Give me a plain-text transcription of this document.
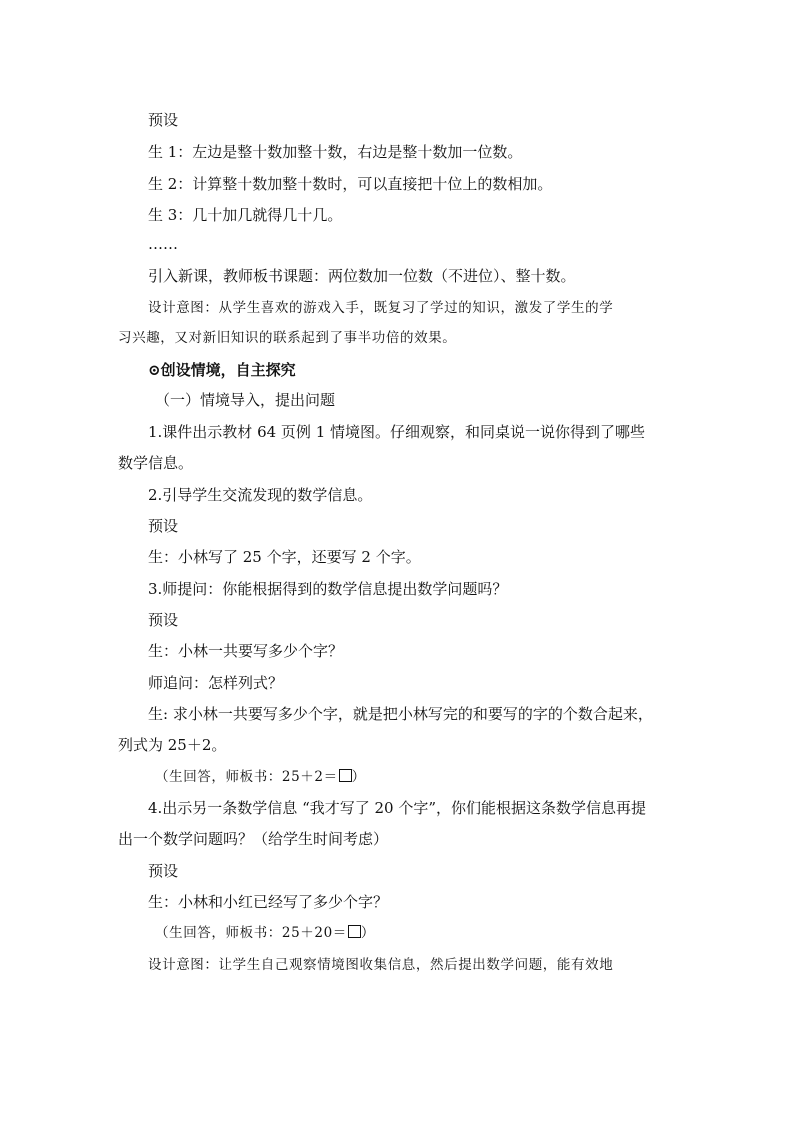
预设
生 1：左边是整十数加整十数，右边是整十数加一位数。
生 2：计算整十数加整十数时，可以直接把十位上的数相加。
生 3：几十加几就得几十几。
……
引入新课，教师板书课题：两位数加一位数（不进位）、整十数。
设计意图：从学生喜欢的游戏入手，既复习了学过的知识，激发了学生的学
习兴趣，又对新旧知识的联系起到了事半功倍的效果。
⊙创设情境，自主探究
（一）情境导入，提出问题
1.课件出示教材 64 页例 1 情境图。仔细观察，和同桌说一说你得到了哪些
数学信息。
2.引导学生交流发现的数学信息。
预设
生：小林写了 25 个字，还要写 2 个字。
3.师提问：你能根据得到的数学信息提出数学问题吗？
预设
生：小林一共要写多少个字？
师追问：怎样列式？
生: 求小林一共要写多少个字，就是把小林写完的和要写的字的个数合起来，
列式为 25＋2。
（生回答，师板书：25＋2＝ ）
4.出示另一条数学信息 “我才写了 20 个字”，你们能根据这条数学信息再提
出一个数学问题吗？（给学生时间考虑）
预设
生：小林和小红已经写了多少个字？
（生回答，师板书：25＋20＝ ）
设计意图：让学生自己观察情境图收集信息，然后提出数学问题，能有效地
